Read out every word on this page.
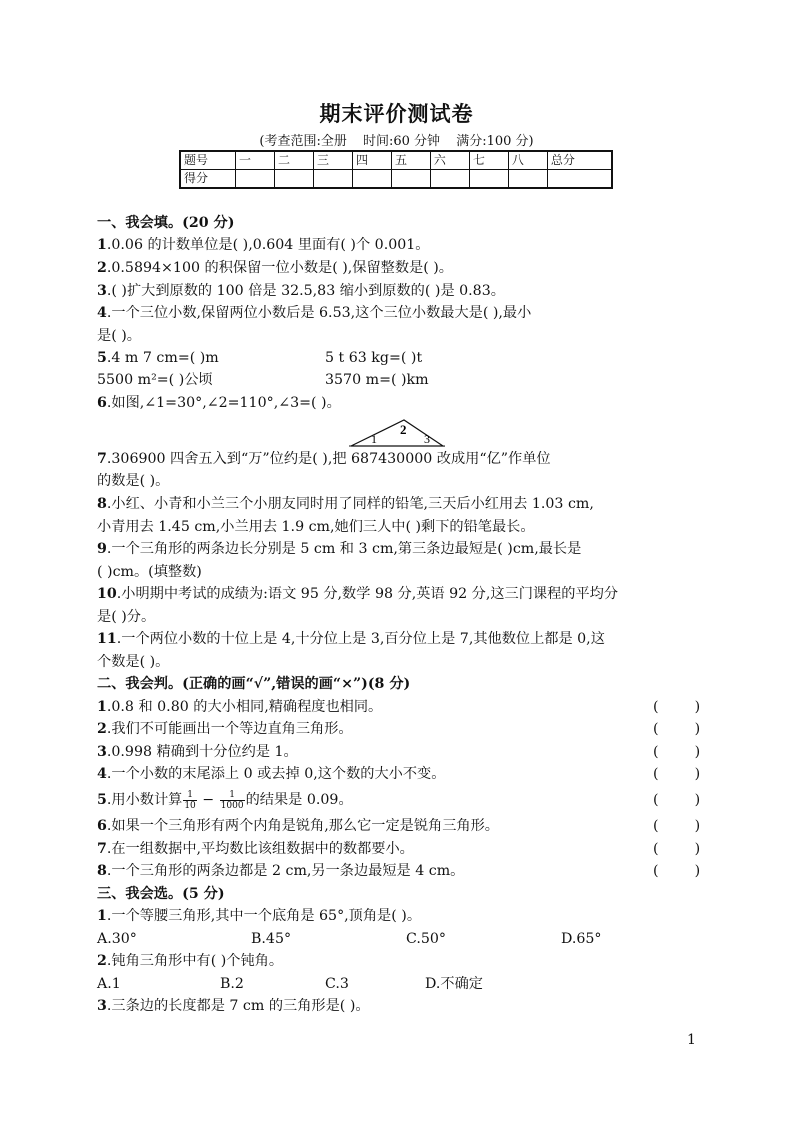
期末评价测试卷
(考查范围:全册 时间:60 分钟 满分:100 分)
题号	一	二	三	四	五	六	七	八	总分
得分									
一、我会填。(20 分)
1.0.06 的计数单位是( ),0.604 里面有( )个 0.001。
2.0.5894×100 的积保留一位小数是( ),保留整数是( )。
3.( )扩大到原数的 100 倍是 32.5,83 缩小到原数的( )是 0.83。
4.一个三位小数,保留两位小数后是 6.53,这个三位小数最大是( ),最小
是( )。
5.4 m 7 cm=( )m	5 t 63 kg=( )t
5500 m²=( )公顷	3570 m=( )km
6.如图,∠1=30°,∠2=110°,∠3=( )。
1
2
3
7.306900 四舍五入到“万”位约是( ),把 687430000 改成用“亿”作单位
的数是( )。
8.小红、小青和小兰三个小朋友同时用了同样的铅笔,三天后小红用去 1.03 cm,
小青用去 1.45 cm,小兰用去 1.9 cm,她们三人中( )剩下的铅笔最长。
9.一个三角形的两条边长分别是 5 cm 和 3 cm,第三条边最短是( )cm,最长是
( )cm。(填整数)
10.小明期中考试的成绩为:语文 95 分,数学 98 分,英语 92 分,这三门课程的平均分
是( )分。
11.一个两位小数的十位上是 4,十分位上是 3,百分位上是 7,其他数位上都是 0,这
个数是( )。
二、我会判。(正确的画“√”,错误的画“×”)(8 分)
1.0.8 和 0.80 的大小相同,精确程度也相同。	(        )
2.我们不可能画出一个等边直角三角形。	(        )
3.0.998 精确到十分位约是 1。	(        )
4.一个小数的末尾添上 0 或去掉 0,这个数的大小不变。	(        )
5.用小数计算 $\frac{1}{10} - \frac{1}{1000}$ 的结果是 0.09。	(        )
6.如果一个三角形有两个内角是锐角,那么它一定是锐角三角形。	(        )
7.在一组数据中,平均数比该组数据中的数都要小。	(        )
8.一个三角形的两条边都是 2 cm,另一条边最短是 4 cm。	(        )
三、我会选。(5 分)
1.一个等腰三角形,其中一个底角是 65°,顶角是( )。
A.30°	B.45°	C.50°	D.65°
2.钝角三角形中有( )个钝角。
A.1	B.2	C.3	D.不确定
3.三条边的长度都是 7 cm 的三角形是( )。
1
